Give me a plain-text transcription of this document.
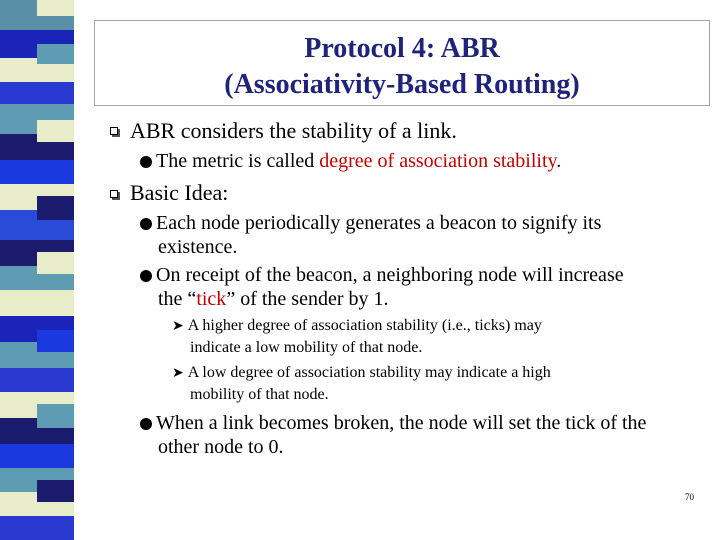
Protocol 4: ABR
(Associativity-Based Routing)
ABR considers the stability of a link.
The metric is called degree of association stability.
Basic Idea:
Each node periodically generates a beacon to signify its
existence.
On receipt of the beacon, a neighboring node will increase
the “tick” of the sender by 1.
➤ A higher degree of association stability (i.e., ticks) may
indicate a low mobility of that node.
➤ A low degree of association stability may indicate a high
mobility of that node.
When a link becomes broken, the node will set the tick of the
other node to 0.
70
